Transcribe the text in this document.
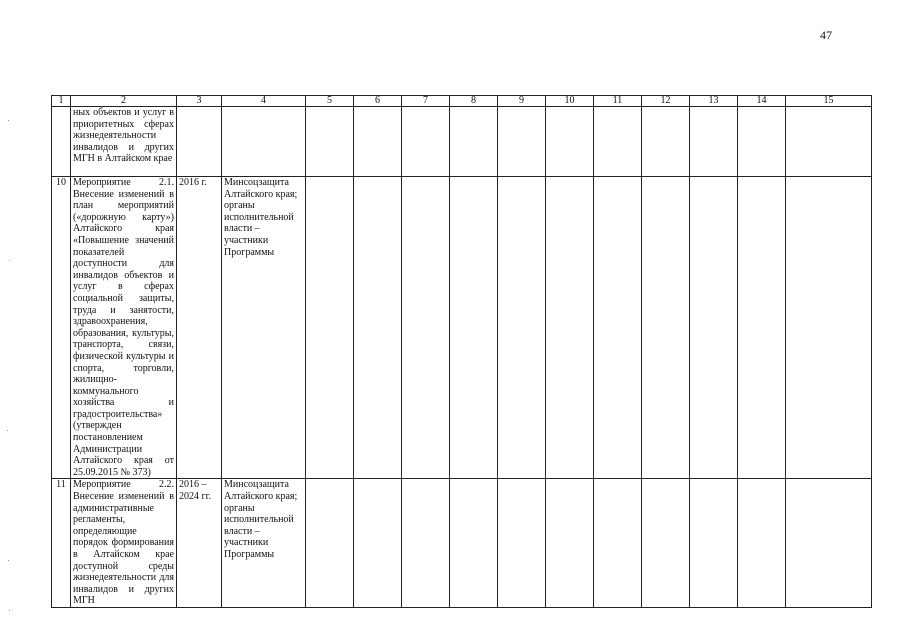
47
1	2	3	4	5	6	7	8	9	10	11	12	13	14	15
	ных объектов и услуг в приоритетных сферах жизнедеятельности инвалидов и других МГН в Алтайском крае													
10	Мероприятие 2.1. Внесение изменений в план мероприятий («дорожную карту») Алтайского края «Повышение значений показателей доступности для инвалидов объектов и услуг в сферах социальной защиты, труда и занятости, здравоохранения, образования, культуры, транспорта, связи, физической культуры и спорта, торговли, жилищно-коммунального хозяйства и градостроительства» (утвержден постановлением Администрации Алтайского края от 25.09.2015 № 373)	2016 г.	Минсоцзащита Алтайского края;
органы исполнительной власти – участники Программы											
11	Мероприятие 2.2. Внесение изменений в административные регламенты, определяющие порядок формирования в Алтайском крае доступной среды жизнедеятельности для инвалидов и других МГН	2016 – 2024 гг.	Минсоцзащита Алтайского края;
органы исполнительной власти – участники Программы											
